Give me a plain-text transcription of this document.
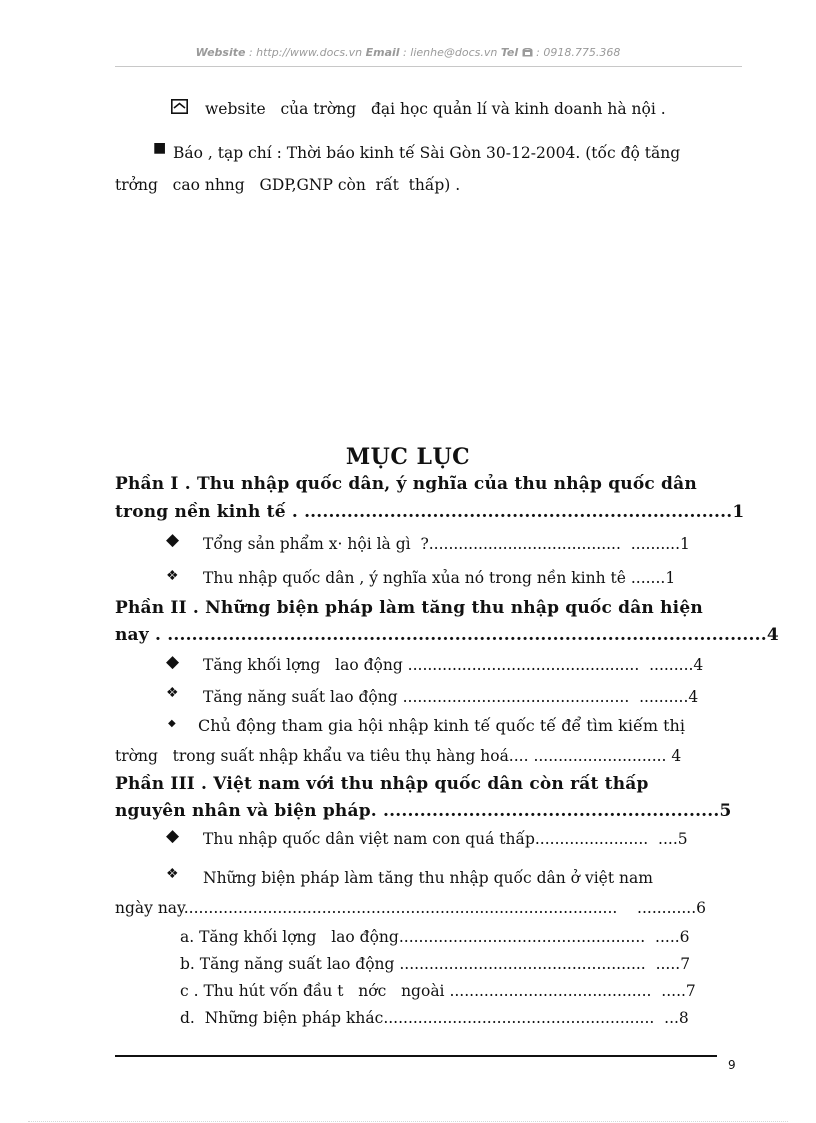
Website : http://www.docs.vn Email : lienhe@docs.vn Tel  : 0918.775.368
website   của trờng   đại học quản lí và kinh doanh hà nội .
■ Báo , tạp chí : Thời báo kinh tế Sài Gòn 30-12-2004. (tốc độ tăng
trởng   cao nhng   GDP,GNP còn  rất  thấp) .
MỤC LỤC
Phần I . Thu nhập quốc dân, ý nghĩa của thu nhập quốc dân
trong nền kinh tế . ......................................................................1
◆ Tổng sản phẩm x· hội là gì  ?.......................................  ..........1
❖ Thu nhập quốc dân , ý nghĩa xủa nó trong nền kinh tê .......1
Phần II . Những biện pháp làm tăng thu nhập quốc dân hiện
nay . ..................................................................................................4
◆ Tăng khối lợng   lao động ...............................................  .........4
❖ Tăng năng suất lao động ..............................................  ..........4
◆ Chủ động tham gia hội nhập kinh tế quốc tế để tìm kiếm thị
trờng   trong suất nhập khẩu va tiêu thụ hàng hoá.... ........................... 4
Phần III . Việt nam với thu nhập quốc dân còn rất thấp
nguyên nhân và biện pháp. .......................................................5
◆ Thu nhập quốc dân việt nam con quá thấp.......................  ....5
❖ Những biện pháp làm tăng thu nhập quốc dân ở việt nam
ngày nay........................................................................................    ............6
a. Tăng khối lợng   lao động..................................................  .....6
b. Tăng năng suất lao động ..................................................  .....7
c . Thu hút vốn đầu t   nớc   ngoài .........................................  .....7
d.  Những biện pháp khác.......................................................  ...8
9
